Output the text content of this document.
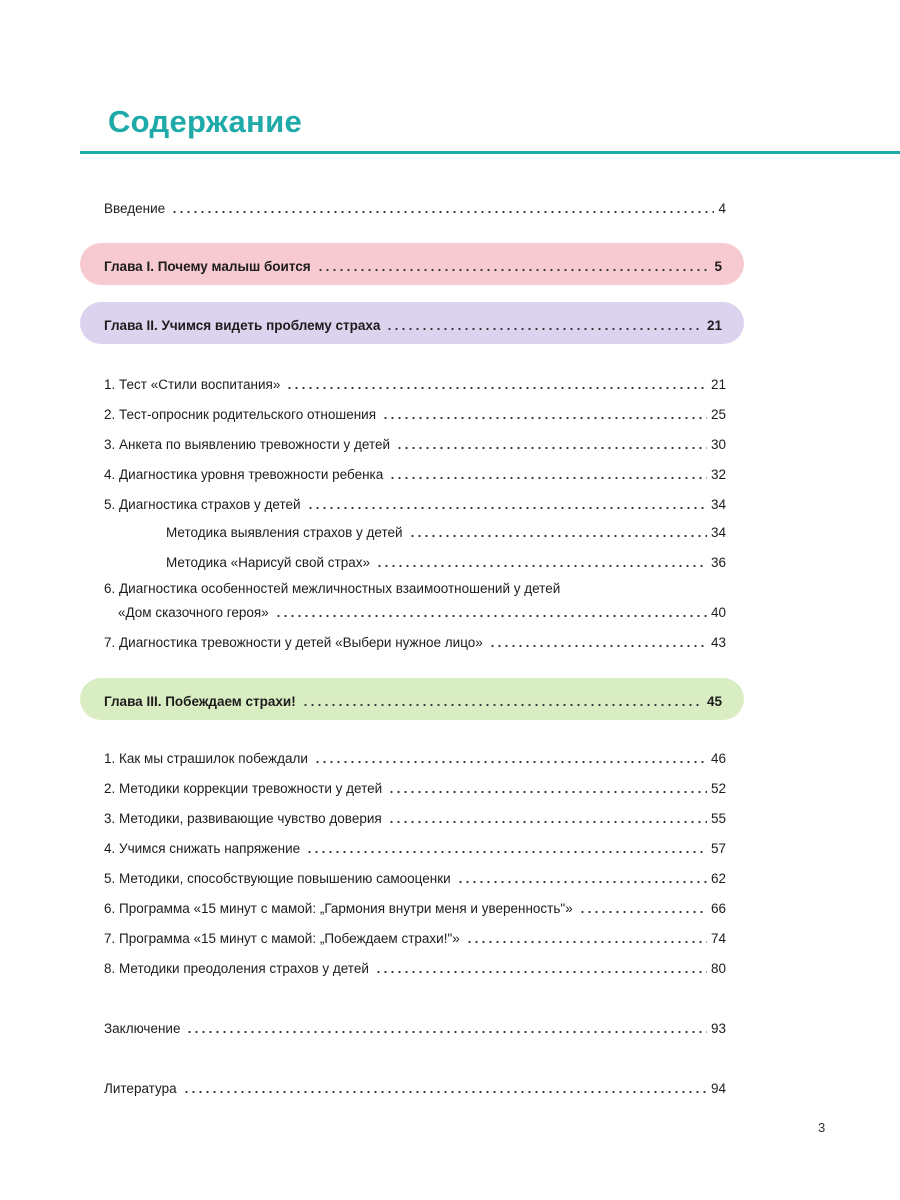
Содержание
Введение	4
Глава I. Почему малыш боится	5
Глава II. Учимся видеть проблему страха	21
1. Тест «Стили воспитания»	21
2. Тест-опросник родительского отношения	25
3. Анкета по выявлению тревожности у детей	30
4. Диагностика уровня тревожности ребенка	32
5. Диагностика страхов у детей	34
Методика выявления страхов у детей	34
Методика «Нарисуй свой страх»	36
6. Диагностика особенностей межличностных взаимоотношений у детей
«Дом сказочного героя»	40
7. Диагностика тревожности у детей «Выбери нужное лицо»	43
Глава III. Побеждаем страхи!	45
1. Как мы страшилок побеждали	46
2. Методики коррекции тревожности у детей	52
3. Методики, развивающие чувство доверия	55
4. Учимся снижать напряжение	57
5. Методики, способствующие повышению самооценки	62
6. Программа «15 минут с мамой: „Гармония внутри меня и уверенность"»	66
7. Программа «15 минут с мамой: „Побеждаем страхи!"»	74
8. Методики преодоления страхов у детей	80
Заключение	93
Литература	94
3
